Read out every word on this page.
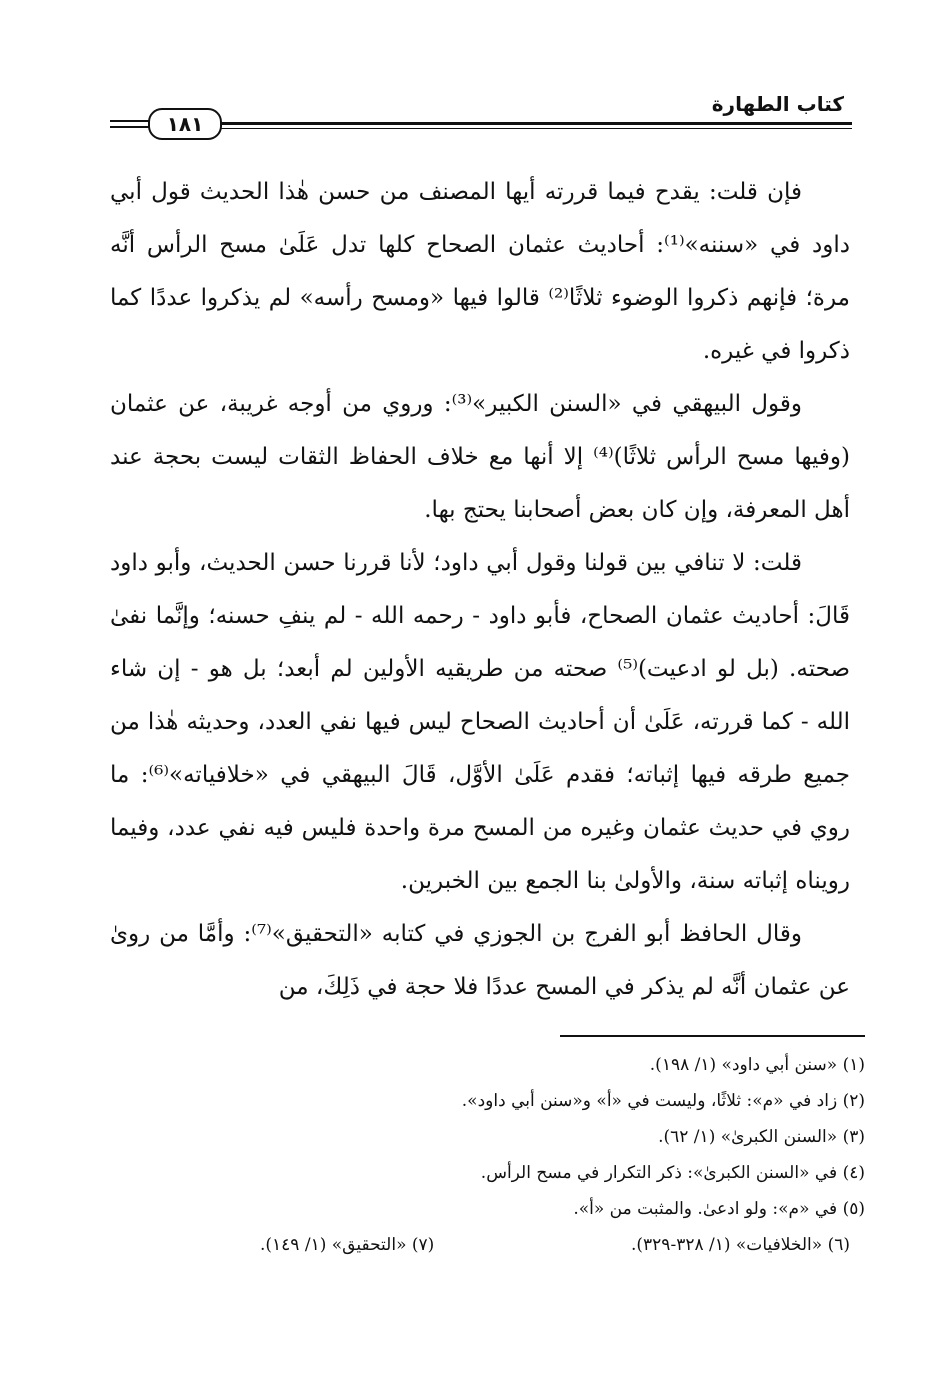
كتاب الطهارة
١٨١

فإن قلت: يقدح فيما قررته أيها المصنف من حسن هٰذا الحديث قول أبي داود في «سننه»⁽¹⁾: أحاديث عثمان الصحاح كلها تدل عَلَىٰ مسح الرأس أنَّه مرة؛ فإنهم ذكروا الوضوء ثلاثًا⁽²⁾ قالوا فيها «ومسح رأسه» لم يذكروا عددًا كما ذكروا في غيره.

وقول البيهقي في «السنن الكبير»⁽³⁾: وروي من أوجه غريبة، عن عثمان (وفيها مسح الرأس ثلاثًا)⁽⁴⁾ إلا أنها مع خلاف الحفاظ الثقات ليست بحجة عند أهل المعرفة، وإن كان بعض أصحابنا يحتج بها.

قلت: لا تنافي بين قولنا وقول أبي داود؛ لأنا قررنا حسن الحديث، وأبو داود قَالَ: أحاديث عثمان الصحاح، فأبو داود - رحمه الله - لم ينفِ حسنه؛ وإنَّما نفىٰ صحته. (بل لو ادعيت)⁽⁵⁾ صحته من طريقيه الأولين لم أبعد؛ بل هو - إن شاء الله - كما قررته، عَلَىٰ أن أحاديث الصحاح ليس فيها نفي العدد، وحديثه هٰذا من جميع طرقه فيها إثباته؛ فقدم عَلَىٰ الأوَّل، قَالَ البيهقي في «خلافياته»⁽⁶⁾: ما روي في حديث عثمان وغيره من المسح مرة واحدة فليس فيه نفي عدد، وفيما رويناه إثباته سنة، والأولىٰ بنا الجمع بين الخبرين.

وقال الحافظ أبو الفرج بن الجوزي في كتابه «التحقيق»⁽⁷⁾: وأمَّا من روىٰ عن عثمان أنَّه لم يذكر في المسح عددًا فلا حجة في ذَلِكَ، من

(١) «سنن أبي داود» (١/ ١٩٨).

(٢) زاد في «م»: ثلاثًا، وليست في «أ» و«سنن أبي داود».

(٣) «السنن الكبرىٰ» (١/ ٦٢).

(٤) في «السنن الكبرىٰ»: ذكر التكرار في مسح الرأس.

(٥) في «م»: ولو ادعىٰ. والمثبت من «أ».

(٦) «الخلافيات» (١/ ٣٢٨-٣٢٩).

(٧) «التحقيق» (١/ ١٤٩).
